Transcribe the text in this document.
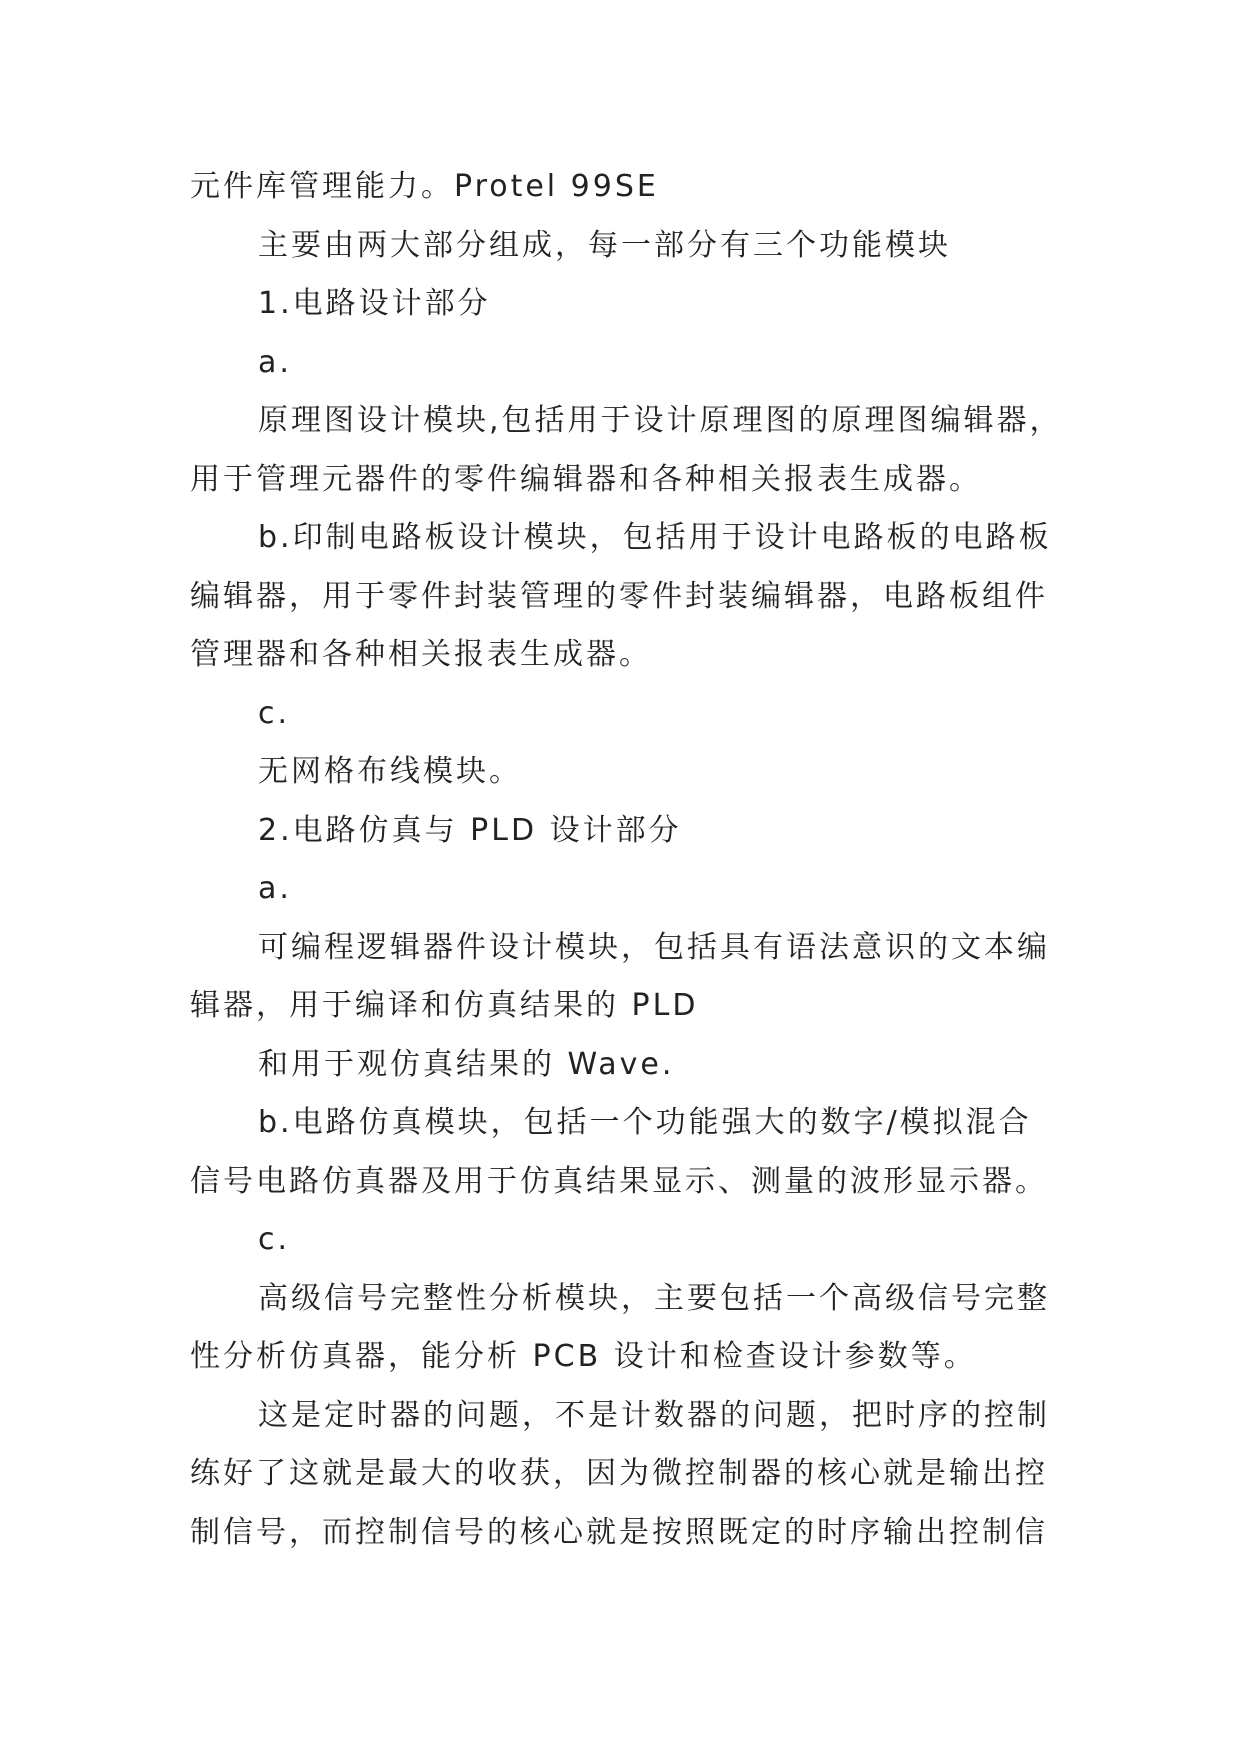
元件库管理能力。Protel 99SE
主要由两大部分组成，每一部分有三个功能模块
1.电路设计部分
a.
原理图设计模块,包括用于设计原理图的原理图编辑器，
用于管理元器件的零件编辑器和各种相关报表生成器。
b.印制电路板设计模块，包括用于设计电路板的电路板
编辑器，用于零件封装管理的零件封装编辑器，电路板组件
管理器和各种相关报表生成器。
c.
无网格布线模块。
2.电路仿真与 PLD 设计部分
a.
可编程逻辑器件设计模块，包括具有语法意识的文本编
辑器，用于编译和仿真结果的 PLD
和用于观仿真结果的 Wave.
b.电路仿真模块，包括一个功能强大的数字/模拟混合
信号电路仿真器及用于仿真结果显示、测量的波形显示器。
c.
高级信号完整性分析模块，主要包括一个高级信号完整
性分析仿真器，能分析 PCB 设计和检查设计参数等。
这是定时器的问题，不是计数器的问题，把时序的控制
练好了这就是最大的收获，因为微控制器的核心就是输出控
制信号，而控制信号的核心就是按照既定的时序输出控制信
